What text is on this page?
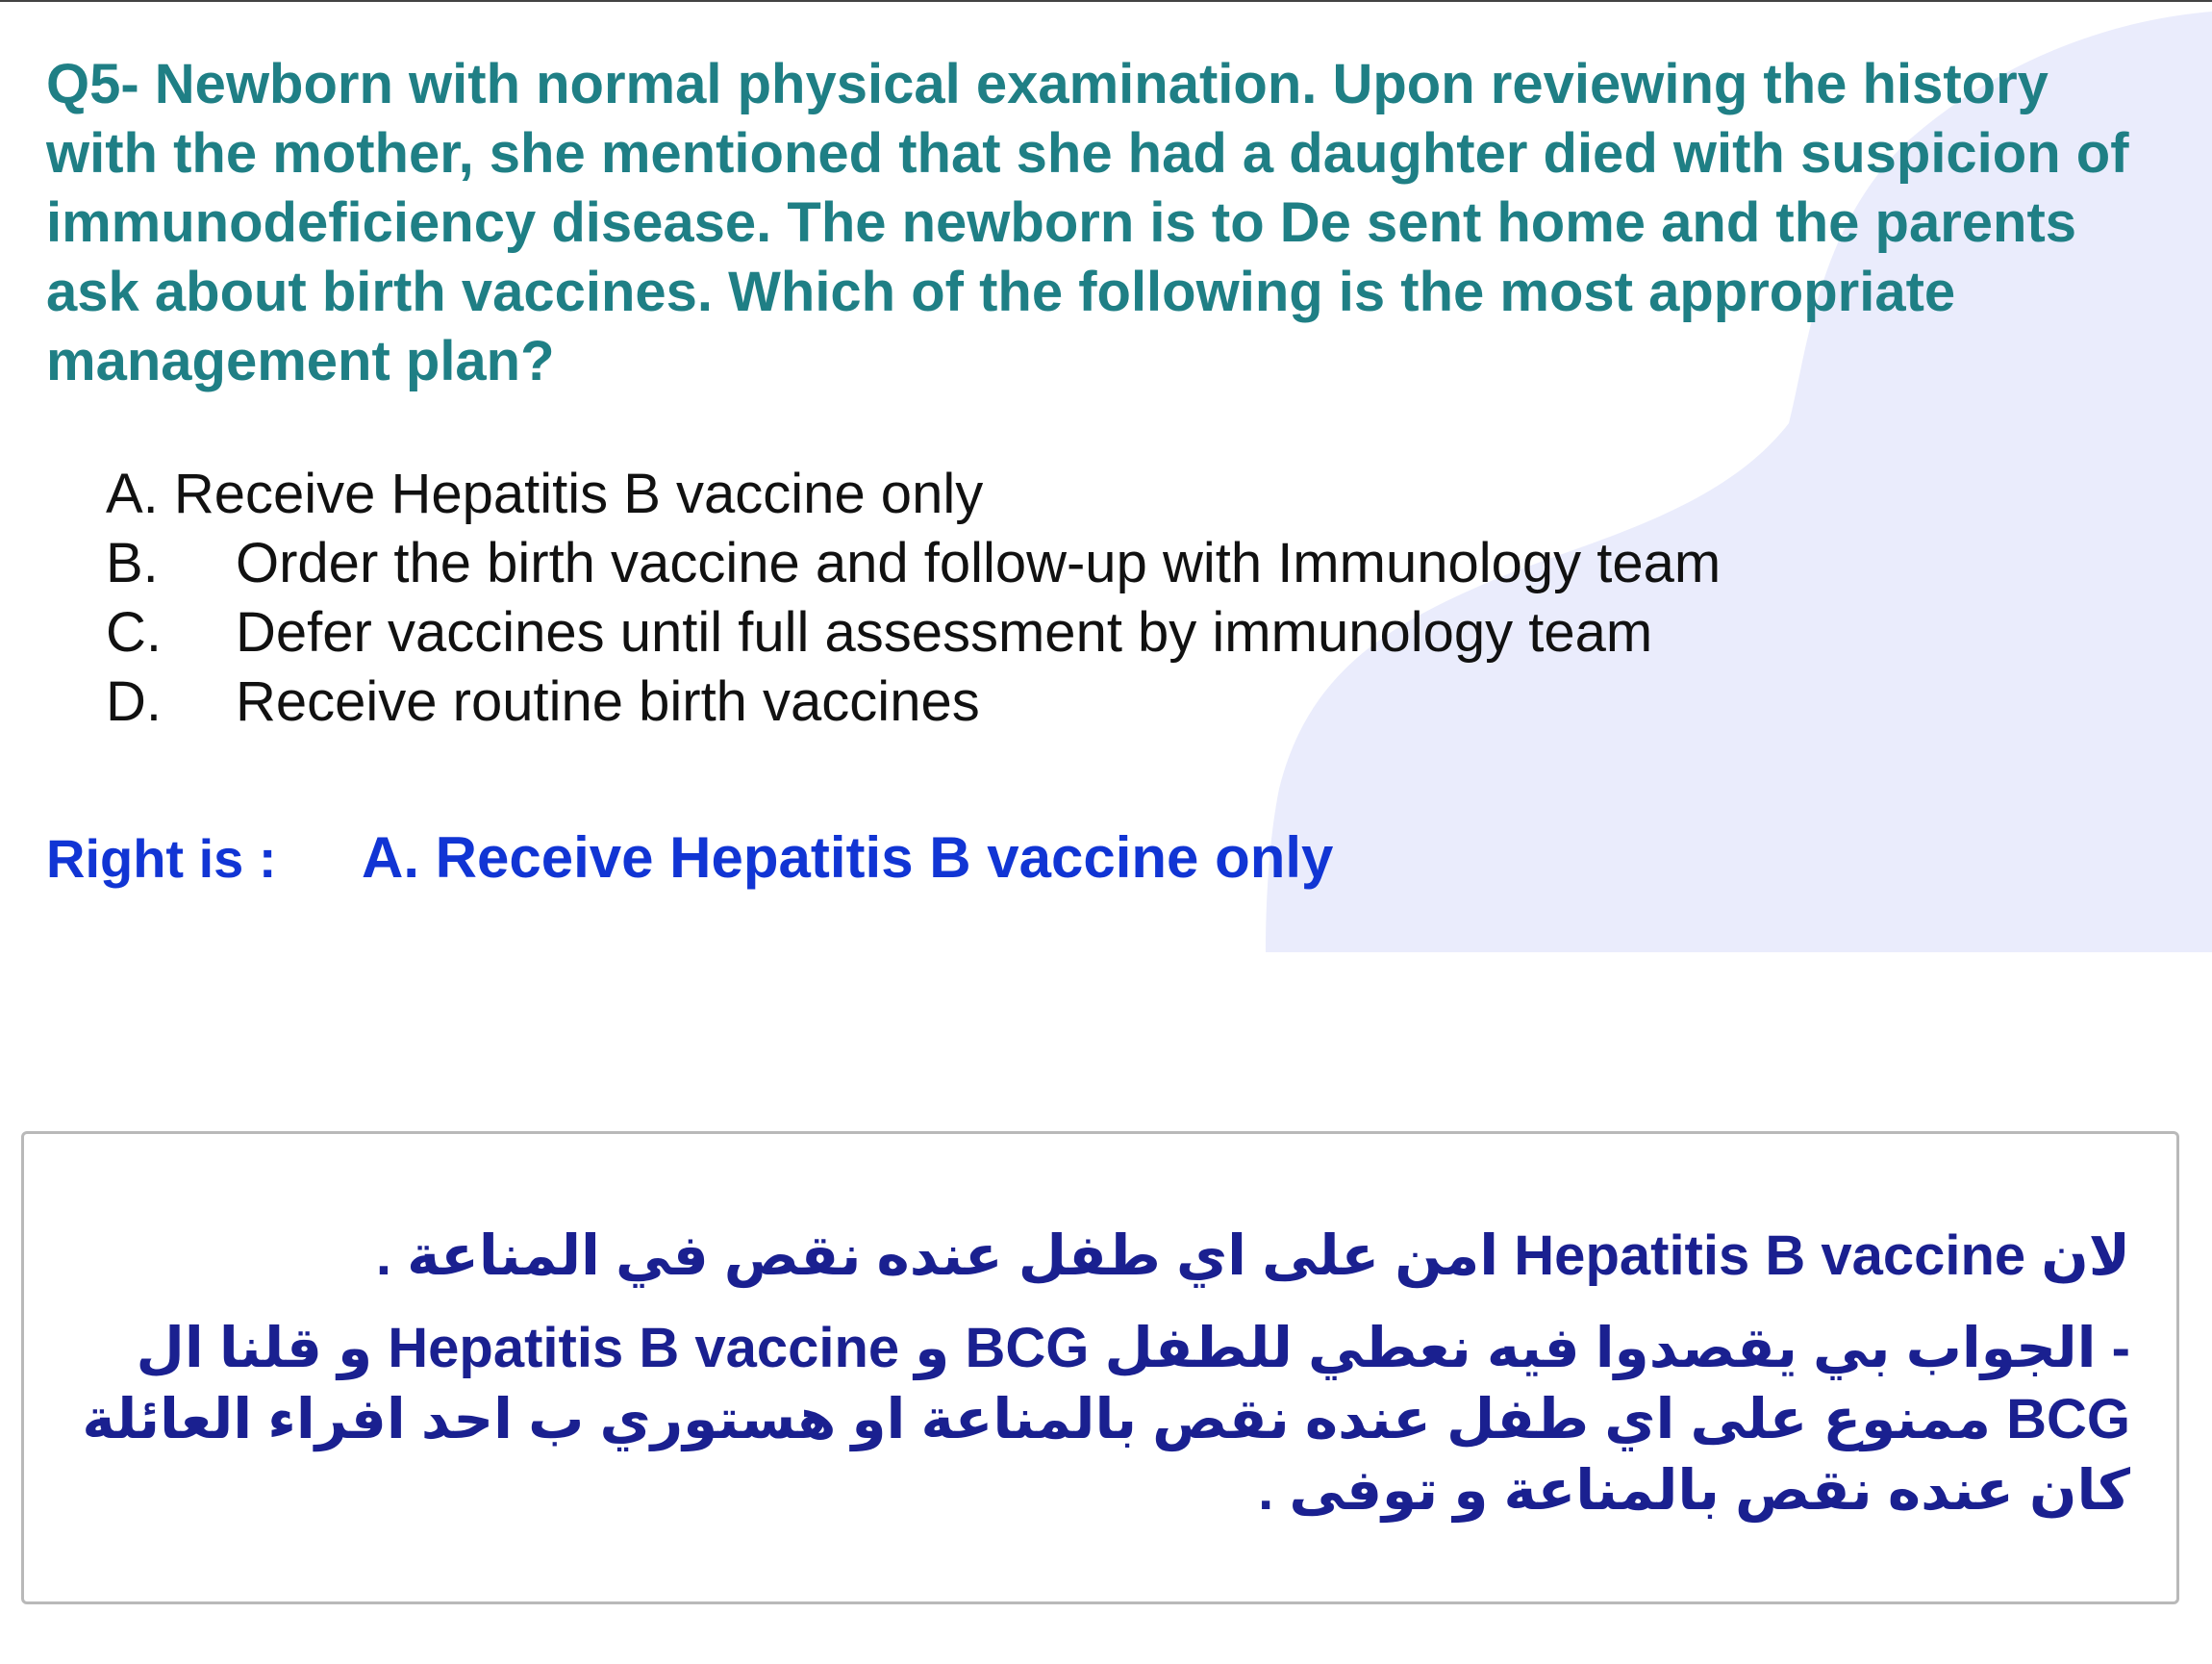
Q5- Newborn with normal physical examination. Upon reviewing the history with the mother, she mentioned that she had a daughter died with suspicion of immunodeficiency disease. The newborn is to De sent home and the parents ask about birth vaccines. Which of the following is the most appropriate management plan?

A. Receive Hepatitis B vaccine only
B.	Order the birth vaccine and follow-up with Immunology team
C.	Defer vaccines until full assessment by immunology team
D.	Receive routine birth vaccines
Right is : A. Receive Hepatitis B vaccine only

لان Hepatitis B vaccine امن على اي طفل عنده نقص في المناعة .

- الجواب بي يقصدوا فيه نعطي للطفل BCG و Hepatitis B vaccine و قلنا ال BCG ممنوع على اي طفل عنده نقص بالمناعة او هستوري ب احد افراء العائلة كان عنده نقص بالمناعة و توفى .
